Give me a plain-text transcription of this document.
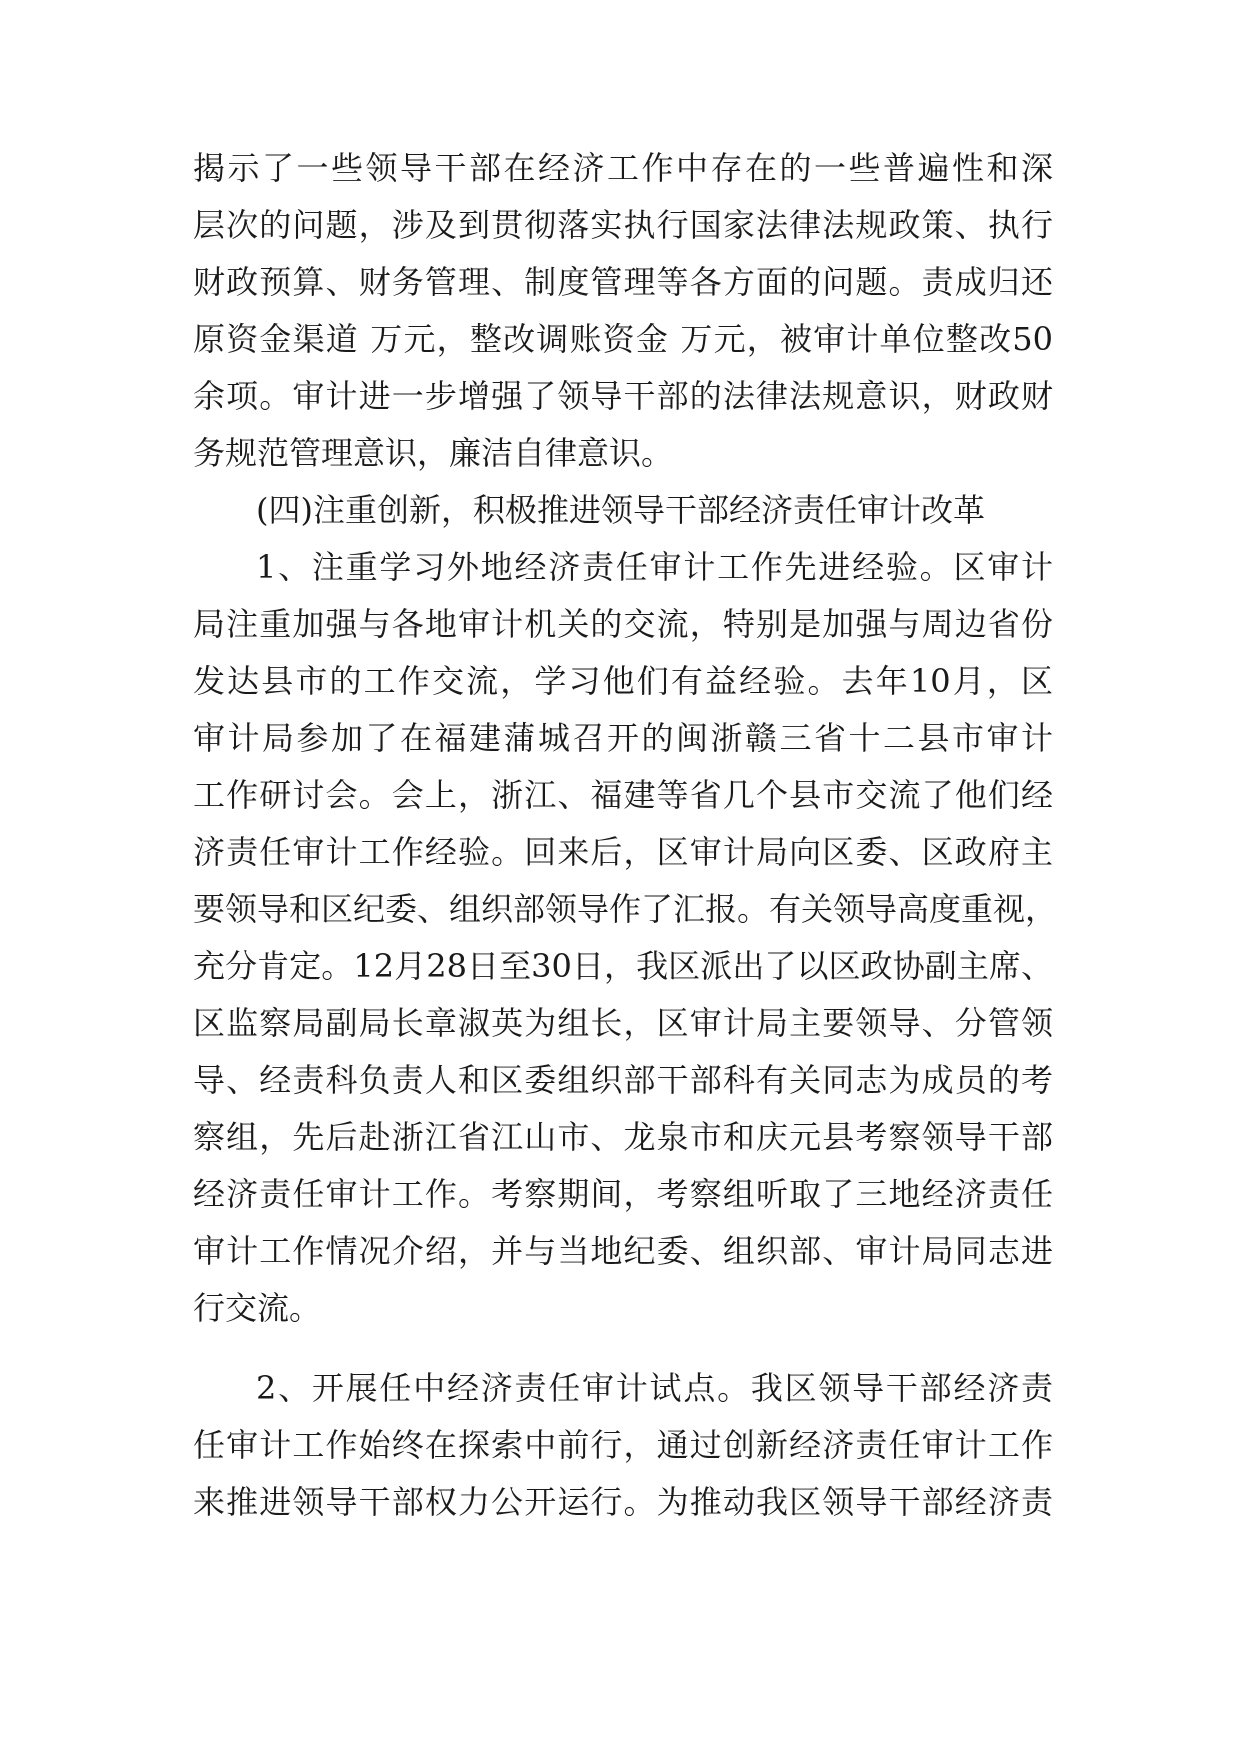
揭示了一些领导干部在经济工作中存在的一些普遍性和深
层次的问题，涉及到贯彻落实执行国家法律法规政策、执行
财政预算、财务管理、制度管理等各方面的问题。责成归还
原资金渠道 万元，整改调账资金 万元，被审计单位整改50
余项。审计进一步增强了领导干部的法律法规意识，财政财
务规范管理意识，廉洁自律意识。
(四)注重创新，积极推进领导干部经济责任审计改革
1、注重学习外地经济责任审计工作先进经验。区审计
局注重加强与各地审计机关的交流，特别是加强与周边省份
发达县市的工作交流，学习他们有益经验。去年10月，区
审计局参加了在福建蒲城召开的闽浙赣三省十二县市审计
工作研讨会。会上，浙江、福建等省几个县市交流了他们经
济责任审计工作经验。回来后，区审计局向区委、区政府主
要领导和区纪委、组织部领导作了汇报。有关领导高度重视，
充分肯定。12月28日至30日，我区派出了以区政协副主席、
区监察局副局长章淑英为组长，区审计局主要领导、分管领
导、经责科负责人和区委组织部干部科有关同志为成员的考
察组，先后赴浙江省江山市、龙泉市和庆元县考察领导干部
经济责任审计工作。考察期间，考察组听取了三地经济责任
审计工作情况介绍，并与当地纪委、组织部、审计局同志进
行交流。
2、开展任中经济责任审计试点。我区领导干部经济责
任审计工作始终在探索中前行，通过创新经济责任审计工作
来推进领导干部权力公开运行。为推动我区领导干部经济责
